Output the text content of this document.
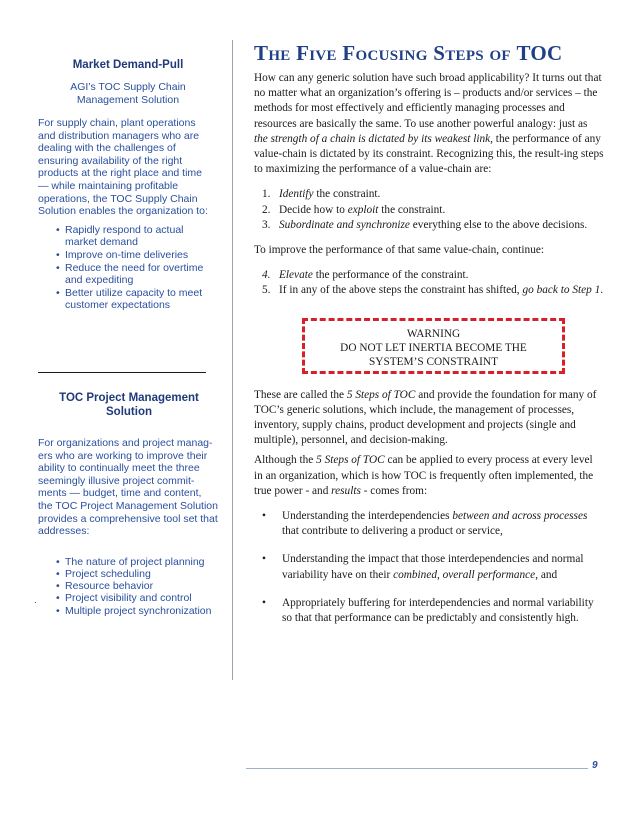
Market Demand-Pull
AGI’s TOC Supply Chain
Management Solution
For supply chain, plant operations
and distribution managers who are
dealing with the challenges of
ensuring availability of the right
products at the right place and time
— while maintaining profitable
operations, the TOC Supply Chain
Solution enables the organization to:
• Rapidly respond to actual
market demand
• Improve on-time deliveries
• Reduce the need for overtime
and expediting
• Better utilize capacity to meet
customer expectations
TOC Project Management
Solution
For organizations and project manag-
ers who are working to improve their
ability to continually meet the three
seemingly illusive project commit-
ments — budget, time and content,
the TOC Project Management Solution
provides a comprehensive tool set that
addresses:
• The nature of project planning
• Project scheduling
• Resource behavior
• Project visibility and control
• Multiple project synchronization
·
The Five Focusing Steps of TOC

How can any generic solution have such broad applicability? It turns out that no matter what an organization’s offering is – products and/or services – the methods for most effectively and efficiently managing processes and resources are basically the same. To use another powerful analogy: just as the strength of a chain is dictated by its weakest link, the performance of any value-chain is dictated by its constraint. Recognizing this, the result-ing steps to maximizing the performance of a value-chain are:

1. Identify the constraint.
2. Decide how to exploit the constraint.
3. Subordinate and synchronize everything else to the above decisions.

To improve the performance of that same value-chain, continue:

4. Elevate the performance of the constraint.
5. If in any of the above steps the constraint has shifted, go back to Step 1.
WARNING
DO NOT LET INERTIA BECOME THE
SYSTEM’S CONSTRAINT

These are called the 5 Steps of TOC and provide the foundation for many of TOC’s generic solutions, which include, the management of processes, inventory, supply chains, product development and projects (single and multiple), personnel, and decision-making.

Although the 5 Steps of TOC can be applied to every process at every level in an organization, which is how TOC is frequently often implemented, the true power - and results - comes from:

• Understanding the interdependencies between and across processes that contribute to delivering a product or service,
• Understanding the impact that those interdependencies and normal variability have on their combined, overall performance, and
• Appropriately buffering for interdependencies and normal variability so that that performance can be predictably and consistently high.
9
